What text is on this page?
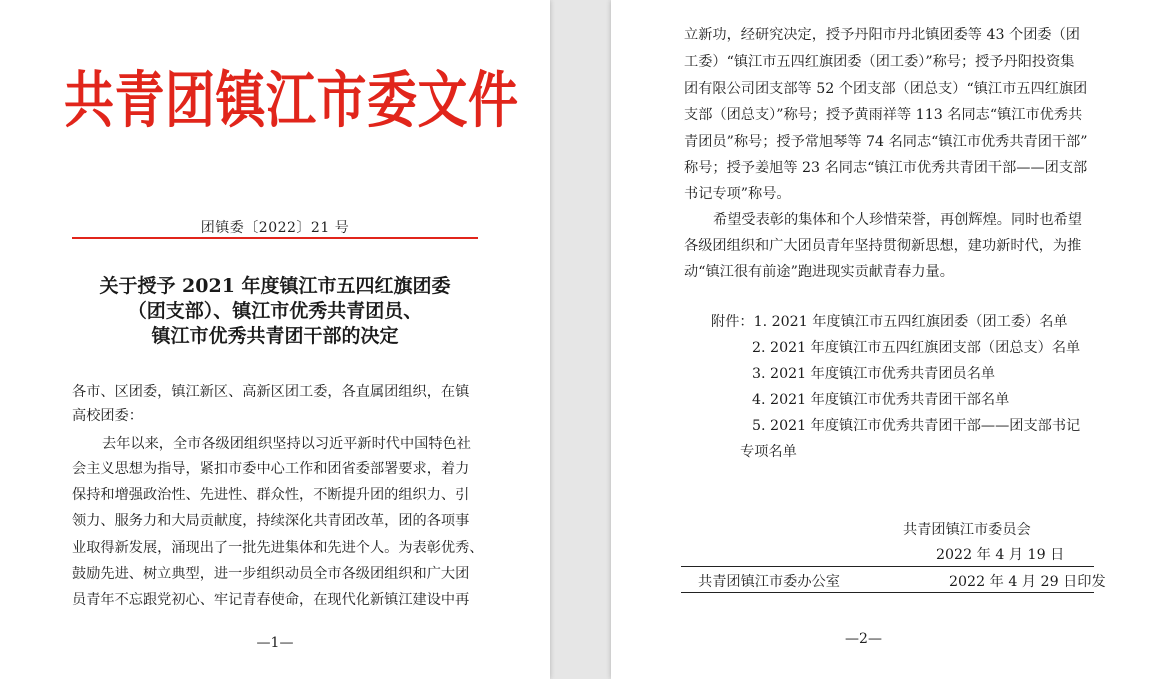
共青团镇江市委文件
团镇委〔2022〕21 号
关于授予 2021 年度镇江市五四红旗团委
（团支部）、镇江市优秀共青团员、
镇江市优秀共青团干部的决定
各市、区团委，镇江新区、高新区团工委，各直属团组织，在镇
高校团委：
去年以来，全市各级团组织坚持以习近平新时代中国特色社
会主义思想为指导，紧扣市委中心工作和团省委部署要求，着力
保持和增强政治性、先进性、群众性，不断提升团的组织力、引
领力、服务力和大局贡献度，持续深化共青团改革，团的各项事
业取得新发展，涌现出了一批先进集体和先进个人。为表彰优秀、
鼓励先进、树立典型，进一步组织动员全市各级团组织和广大团
员青年不忘跟党初心、牢记青春使命，在现代化新镇江建设中再
—1—
立新功，经研究决定，授予丹阳市丹北镇团委等 43 个团委（团
工委）“镇江市五四红旗团委（团工委）”称号；授予丹阳投资集
团有限公司团支部等 52 个团支部（团总支）“镇江市五四红旗团
支部（团总支）”称号；授予黄雨祥等 113 名同志“镇江市优秀共
青团员”称号；授予常旭琴等 74 名同志“镇江市优秀共青团干部”
称号；授予姜旭等 23 名同志“镇江市优秀共青团干部——团支部
书记专项”称号。
希望受表彰的集体和个人珍惜荣誉，再创辉煌。同时也希望
各级团组织和广大团员青年坚持贯彻新思想，建功新时代，为推
动“镇江很有前途”跑进现实贡献青春力量。
附件：1. 2021 年度镇江市五四红旗团委（团工委）名单
2. 2021 年度镇江市五四红旗团支部（团总支）名单
3. 2021 年度镇江市优秀共青团员名单
4. 2021 年度镇江市优秀共青团干部名单
5. 2021 年度镇江市优秀共青团干部——团支部书记
专项名单
共青团镇江市委员会
2022 年 4 月 19 日
共青团镇江市委办公室	2022 年 4 月 29 日印发
—2—
